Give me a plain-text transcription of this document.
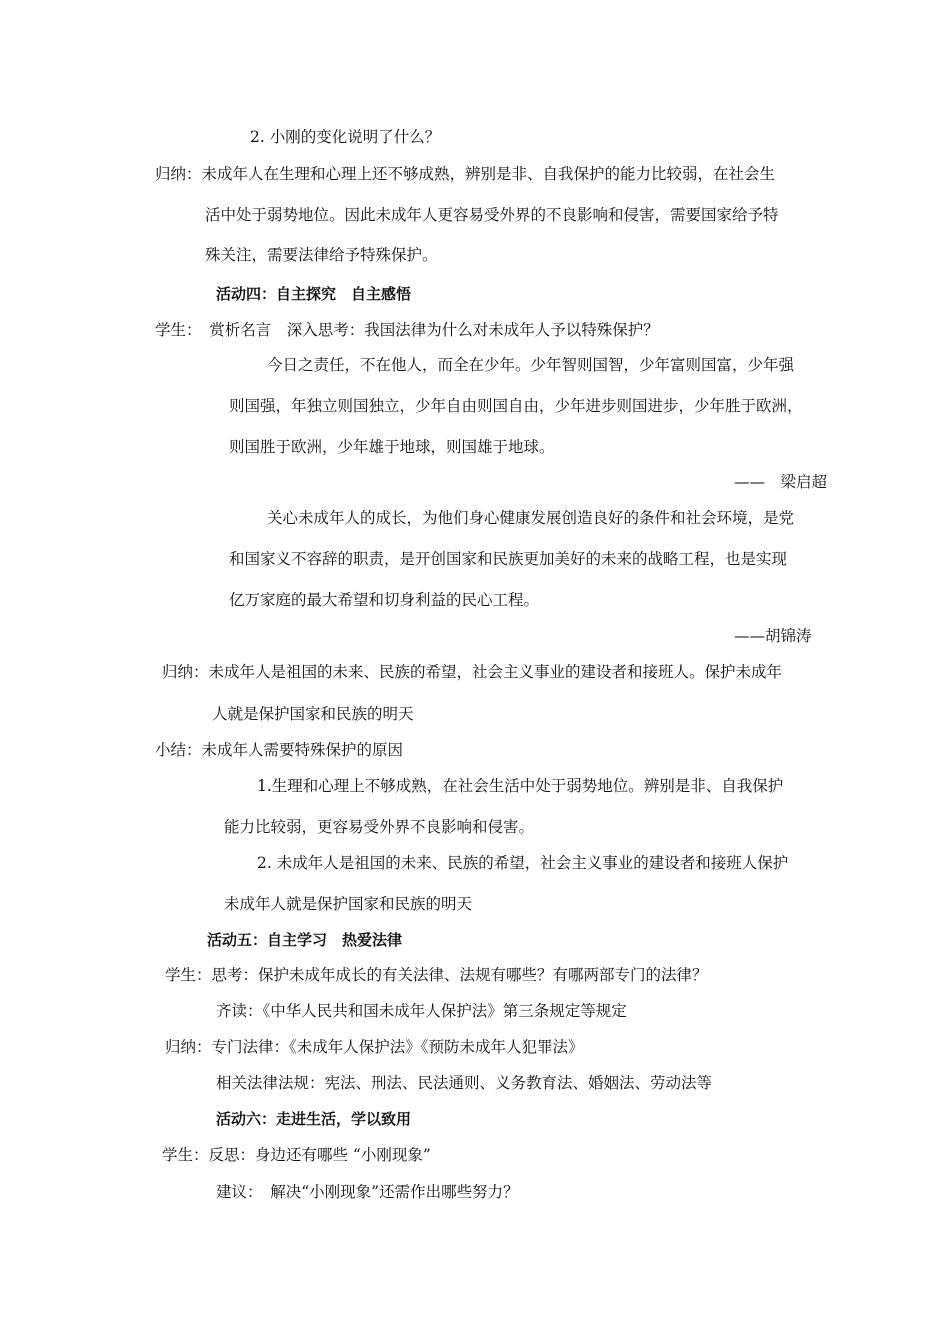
2. 小刚的变化说明了什么？
归纳：未成年人在生理和心理上还不够成熟，辨别是非、自我保护的能力比较弱，在社会生
活中处于弱势地位。因此未成年人更容易受外界的不良影响和侵害，需要国家给予特
殊关注，需要法律给予特殊保护。
活动四：自主探究　自主感悟
学生：　赏析名言　深入思考：我国法律为什么对未成年人予以特殊保护？
今日之责任，不在他人，而全在少年。少年智则国智，少年富则国富，少年强
则国强，年独立则国独立，少年自由则国自由，少年进步则国进步，少年胜于欧洲，
则国胜于欧洲，少年雄于地球，则国雄于地球。
——　梁启超
关心未成年人的成长，为他们身心健康发展创造良好的条件和社会环境，是党
和国家义不容辞的职责，是开创国家和民族更加美好的未来的战略工程，也是实现
亿万家庭的最大希望和切身利益的民心工程。
——胡锦涛
归纳：未成年人是祖国的未来、民族的希望，社会主义事业的建设者和接班人。保护未成年
人就是保护国家和民族的明天
小结：未成年人需要特殊保护的原因
1.生理和心理上不够成熟，在社会生活中处于弱势地位。辨别是非、自我保护
能力比较弱，更容易受外界不良影响和侵害。
2. 未成年人是祖国的未来、民族的希望，社会主义事业的建设者和接班人保护
未成年人就是保护国家和民族的明天
活动五：自主学习　热爱法律
学生：思考：保护未成年成长的有关法律、法规有哪些？有哪两部专门的法律？
齐读：《中华人民共和国未成年人保护法》第三条规定等规定
归纳：专门法律：《未成年人保护法》《预防未成年人犯罪法》
相关法律法规：宪法、刑法、民法通则、义务教育法、婚姻法、劳动法等
活动六：走进生活，学以致用
学生：反思：身边还有哪些 “小刚现象”
建议：　解决“小刚现象”还需作出哪些努力？
